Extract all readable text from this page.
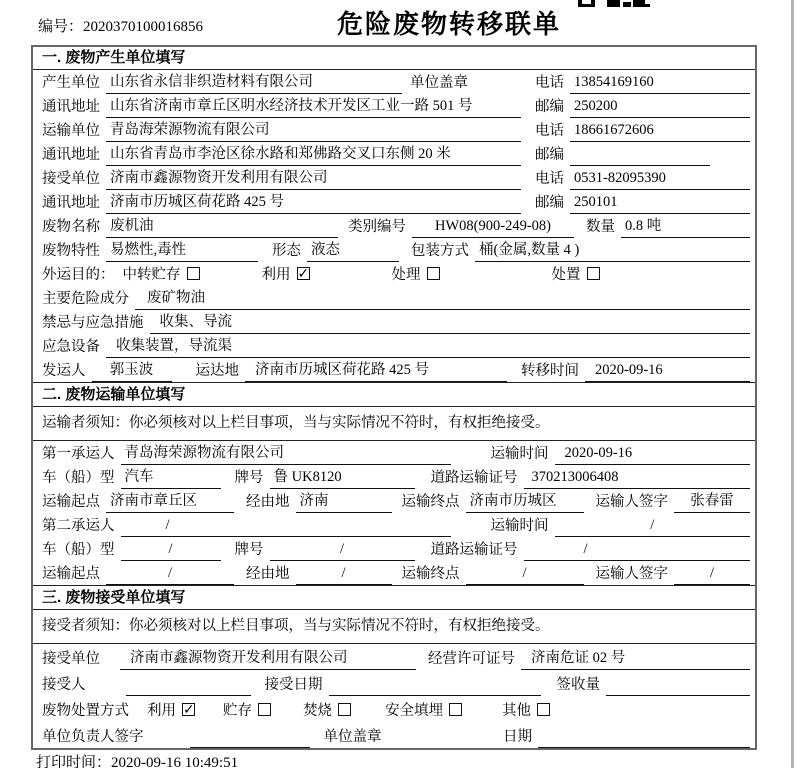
编号：2020370100016856	危险废物转移联单
一. 废物产生单位填写
产生单位 山东省永信非织造材料有限公司	单位盖章	电话 13854169160
通讯地址 山东省济南市章丘区明水经济技术开发区工业一路 501 号	邮编 250200
运输单位 青岛海荣源物流有限公司	电话 18661672606
通讯地址 山东省青岛市李沧区徐水路和郑佛路交叉口东侧 20 米	邮编
接受单位 济南市鑫源物资开发利用有限公司	电话 0531-82095390
通讯地址 济南市历城区荷花路 425 号	邮编 250101
废物名称 废机油	类别编号	HW08(900-249-08)	数量 0.8 吨
废物特性 易燃性,毒性	形态 液态	包装方式 桶(金属,数量 4 )
外运目的： 中转贮存	利用 ✓	处理	处置
主要危险成分	废矿物油
禁忌与应急措施	收集、导流
应急设备	收集装置，导流渠
发运人	郭玉波	运达地	济南市历城区荷花路 425 号	转移时间	2020-09-16
二. 废物运输单位填写
运输者须知：你必须核对以上栏目事项，当与实际情况不符时，有权拒绝接受。
第一承运人 青岛海荣源物流有限公司	运输时间	2020-09-16
车（船）型 汽车	牌号 鲁 UK8120	道路运输证号 370213006408
运输起点 济南市章丘区	经由地 济南	运输终点 济南市历城区	运输人签字	张春雷
第二承运人	/	运输时间	/
车（船）型	/	牌号	/	道路运输证号	/
运输起点	/	经由地	/	运输终点	/	运输人签字	/
三. 废物接受单位填写
接受者须知：你必须核对以上栏目事项，当与实际情况不符时，有权拒绝接受。
接受单位	济南市鑫源物资开发利用有限公司	经营许可证号	济南危证 02 号
接受人	接受日期	签收量
废物处置方式 利用 ✓	贮存	焚烧	安全填埋	其他
单位负责人签字	单位盖章	日期
打印时间：2020-09-16 10:49:51
